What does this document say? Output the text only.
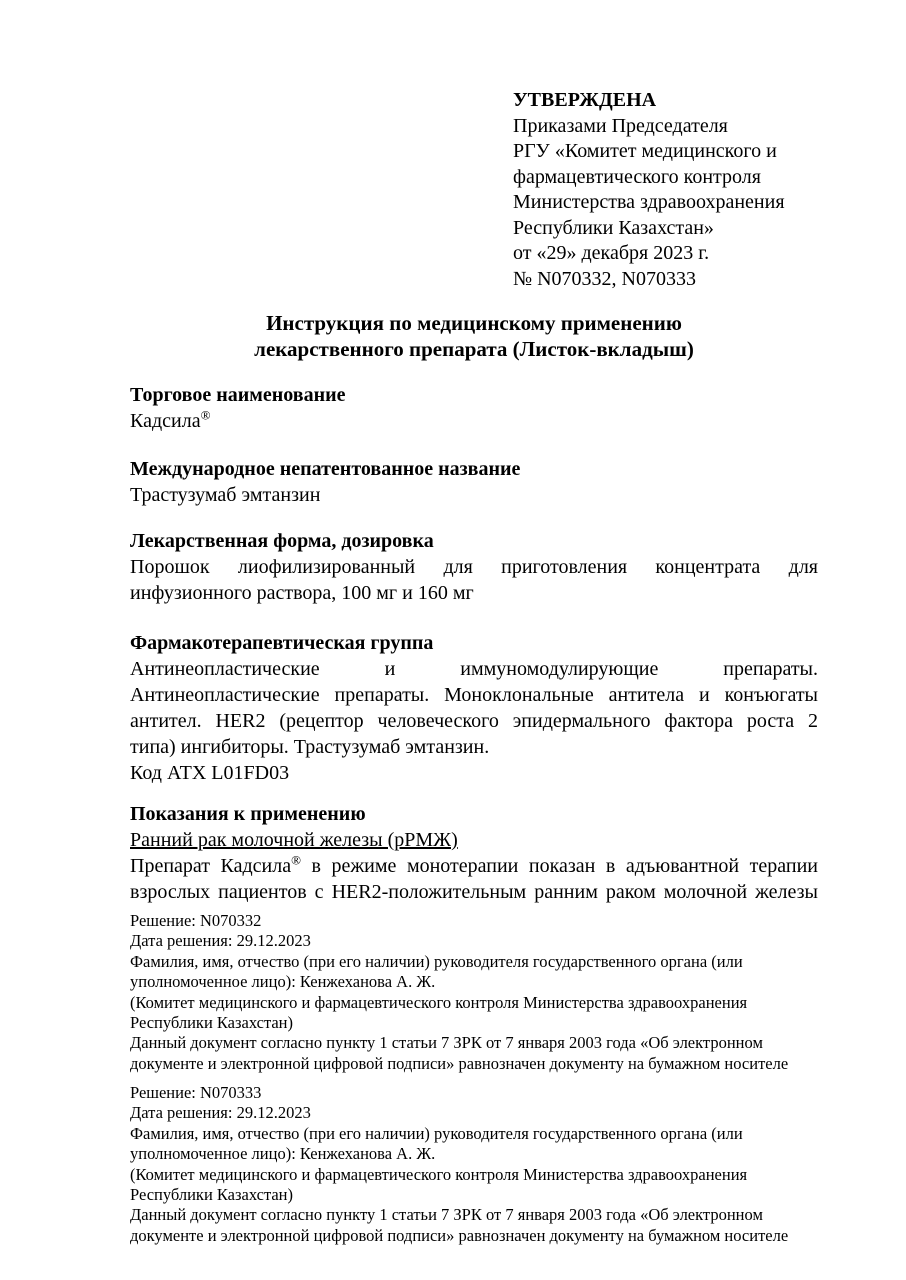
УТВЕРЖДЕНА
Приказами Председателя
РГУ «Комитет медицинского и
фармацевтического контроля
Министерства здравоохранения
Республики Казахстан»
от «29» декабря 2023 г.
№ N070332, N070333
Инструкция по медицинскому применению
лекарственного препарата (Листок-вкладыш)
Торговое наименование
Кадсила®
Международное непатентованное название
Трастузумаб эмтанзин
Лекарственная форма, дозировка
Порошок лиофилизированный для приготовления концентрата для
инфузионного раствора, 100 мг и 160 мг
Фармакотерапевтическая группа
Антинеопластические и иммуномодулирующие препараты.
Антинеопластические препараты. Моноклональные антитела и конъюгаты
антител. HER2 (рецептор человеческого эпидермального фактора роста 2
типа) ингибиторы. Трастузумаб эмтанзин.
Код АТХ L01FD03
Показания к применению
Ранний рак молочной железы (рРМЖ)
Препарат Кадсила® в режиме монотерапии показан в адъювантной терапии
взрослых пациентов с HER2-положительным ранним раком молочной железы
Решение: N070332
Дата решения: 29.12.2023
Фамилия, имя, отчество (при его наличии) руководителя государственного органа (или
уполномоченное лицо): Кенжеханова А. Ж.
(Комитет медицинского и фармацевтического контроля Министерства здравоохранения
Республики Казахстан)
Данный документ согласно пункту 1 статьи 7 ЗРК от 7 января 2003 года «Об электронном
документе и электронной цифровой подписи» равнозначен документу на бумажном носителе
Решение: N070333
Дата решения: 29.12.2023
Фамилия, имя, отчество (при его наличии) руководителя государственного органа (или
уполномоченное лицо): Кенжеханова А. Ж.
(Комитет медицинского и фармацевтического контроля Министерства здравоохранения
Республики Казахстан)
Данный документ согласно пункту 1 статьи 7 ЗРК от 7 января 2003 года «Об электронном
документе и электронной цифровой подписи» равнозначен документу на бумажном носителе
